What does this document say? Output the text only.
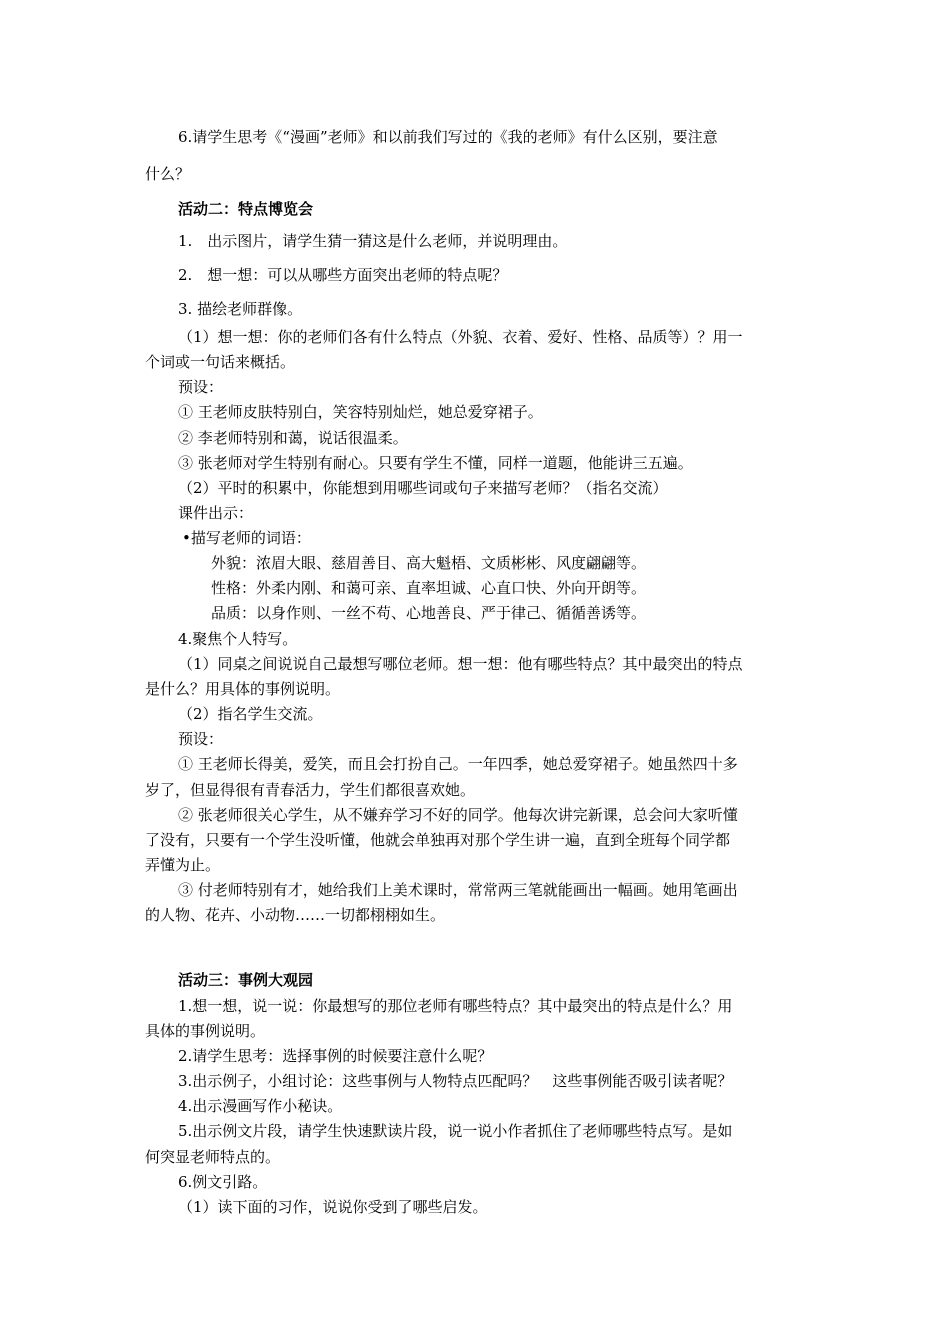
6.请学生思考《“漫画”老师》和以前我们写过的《我的老师》有什么区别，要注意
什么？
活动二：特点博览会
1.　出示图片，请学生猜一猜这是什么老师，并说明理由。
2.　想一想：可以从哪些方面突出老师的特点呢？
3. 描绘老师群像。
（1）想一想：你的老师们各有什么特点（外貌、衣着、爱好、性格、品质等）？用一
个词或一句话来概括。
预设：
① 王老师皮肤特别白，笑容特别灿烂，她总爱穿裙子。
② 李老师特别和蔼，说话很温柔。
③ 张老师对学生特别有耐心。只要有学生不懂，同样一道题，他能讲三五遍。
（2）平时的积累中，你能想到用哪些词或句子来描写老师？（指名交流）
课件出示：
•描写老师的词语：
外貌：浓眉大眼、慈眉善目、高大魁梧、文质彬彬、风度翩翩等。
性格：外柔内刚、和蔼可亲、直率坦诚、心直口快、外向开朗等。
品质：以身作则、一丝不苟、心地善良、严于律己、循循善诱等。
4.聚焦个人特写。
（1）同桌之间说说自己最想写哪位老师。想一想：他有哪些特点？其中最突出的特点
是什么？用具体的事例说明。
（2）指名学生交流。
预设：
① 王老师长得美，爱笑，而且会打扮自己。一年四季，她总爱穿裙子。她虽然四十多
岁了，但显得很有青春活力，学生们都很喜欢她。
② 张老师很关心学生，从不嫌弃学习不好的同学。他每次讲完新课，总会问大家听懂
了没有，只要有一个学生没听懂，他就会单独再对那个学生讲一遍，直到全班每个同学都
弄懂为止。
③ 付老师特别有才，她给我们上美术课时，常常两三笔就能画出一幅画。她用笔画出
的人物、花卉、小动物……一切都栩栩如生。
活动三：事例大观园
1.想一想，说一说：你最想写的那位老师有哪些特点？其中最突出的特点是什么？用
具体的事例说明。
2.请学生思考：选择事例的时候要注意什么呢？
3.出示例子，小组讨论：这些事例与人物特点匹配吗？　这些事例能否吸引读者呢？
4.出示漫画写作小秘诀。
5.出示例文片段，请学生快速默读片段，说一说小作者抓住了老师哪些特点写。是如
何突显老师特点的。
6.例文引路。
（1）读下面的习作，说说你受到了哪些启发。
